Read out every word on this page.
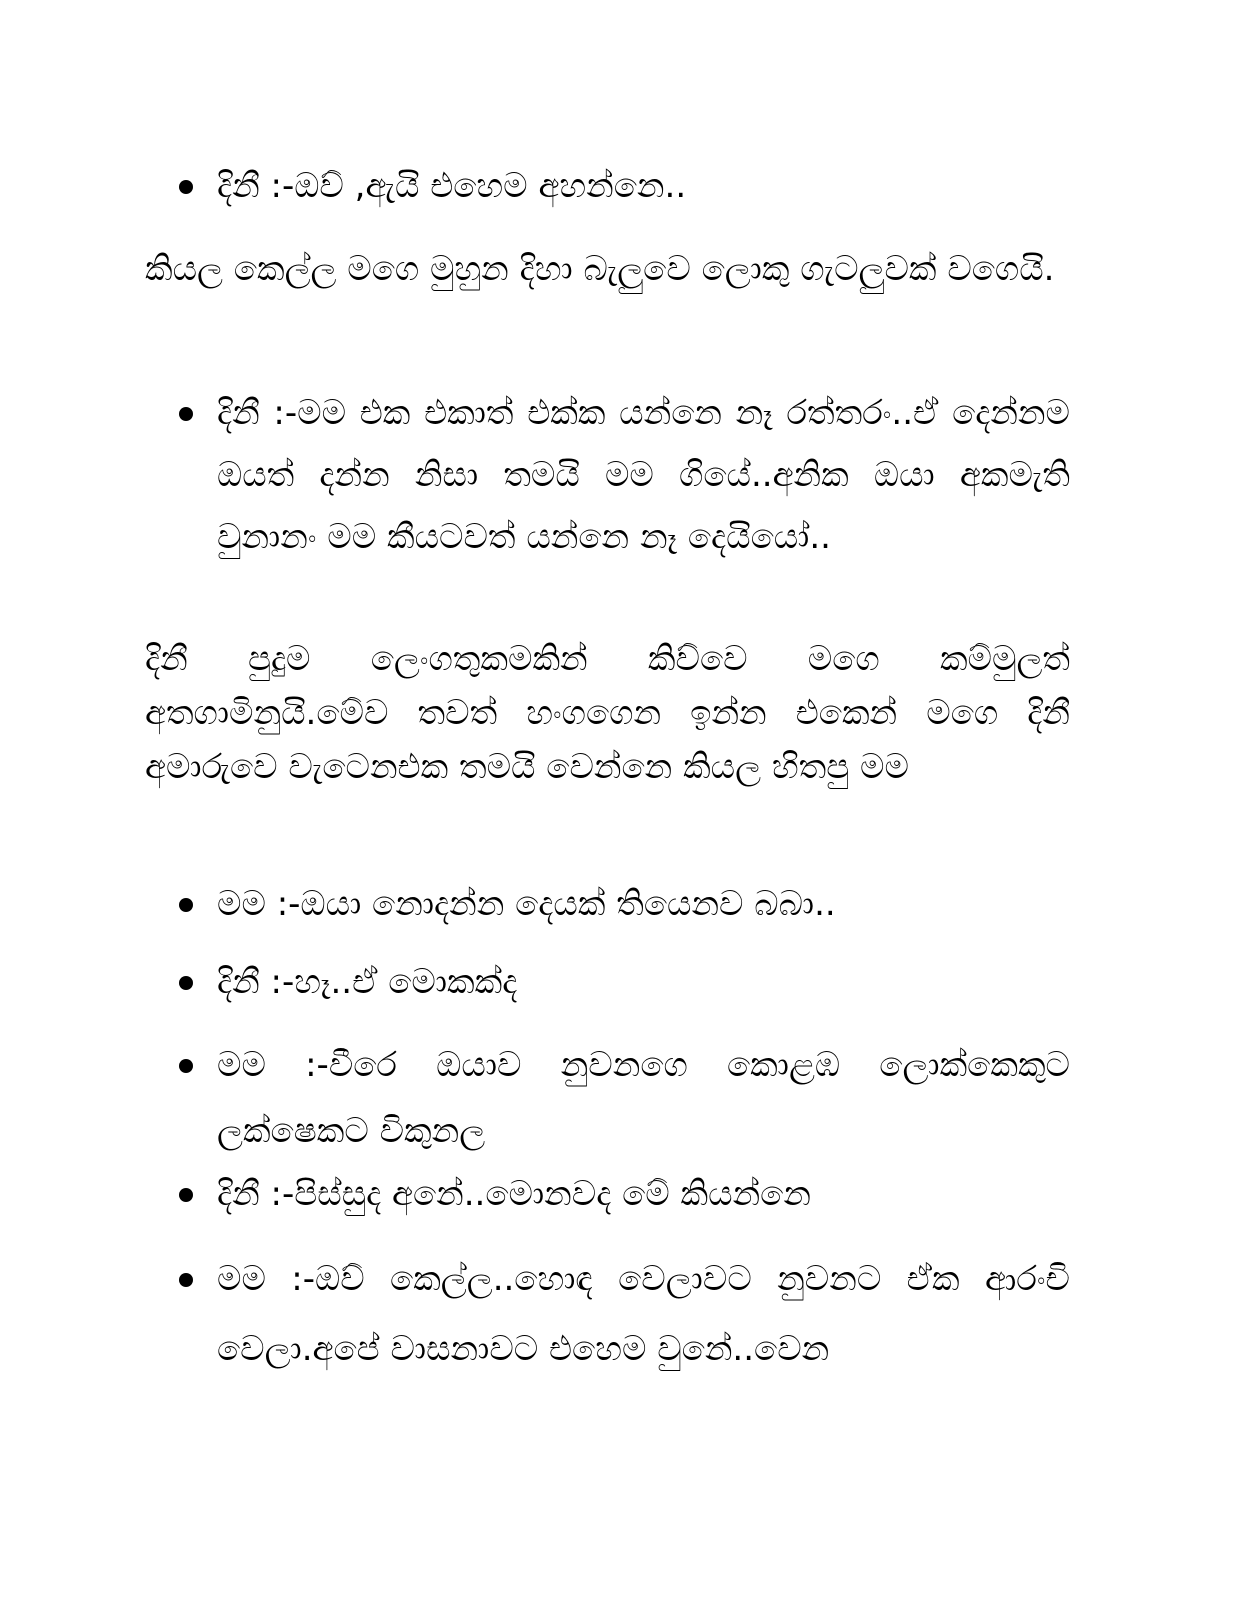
දිනී :-ඔව් ,ඇයි එහෙම අහන්නෙ..

කියල කෙල්ල මගෙ මුහුන දිහා බැලුවෙ ලොකු ගැටලුවක් වගෙයි.

දිනී :-මම එක එකාත් එක්ක යන්නෙ නෑ රත්තරං..ඒ දෙන්නම ඔයත් දන්න නිසා තමයි මම ගියේ..අනික ඔයා අකමැති වුනානං මම කීයටවත් යන්නෙ නෑ දෙයියෝ..

දිනී පුදුම ලෙංගතුකමකින් කිව්වෙ මගෙ කම්මුලත් අතගාමිනුයි.මේව තවත් හංගගෙන ඉන්න එකෙන් මගෙ දිනී අමාරුවෙ වැටෙනඑක තමයි වෙන්නෙ කියල හිතපු මම

මම :-ඔයා නොදන්න දෙයක් තියෙනව බබා..
දිනී :-හෑ..ඒ මොකක්ද
මම :-වීරෙ ඔයාව නුවනගෙ කොළඹ ලොක්කෙකුට ලක්ෂෙකට විකුනල
දිනී :-පිස්සුද අනේ..මොනවද මේ කියන්නෙ
මම :-ඔව් කෙල්ල..හොඳ වෙලාවට නුවනට ඒක ආරංචි වෙලා.අපේ වාසනාවට එහෙම වුනේ..වෙන
